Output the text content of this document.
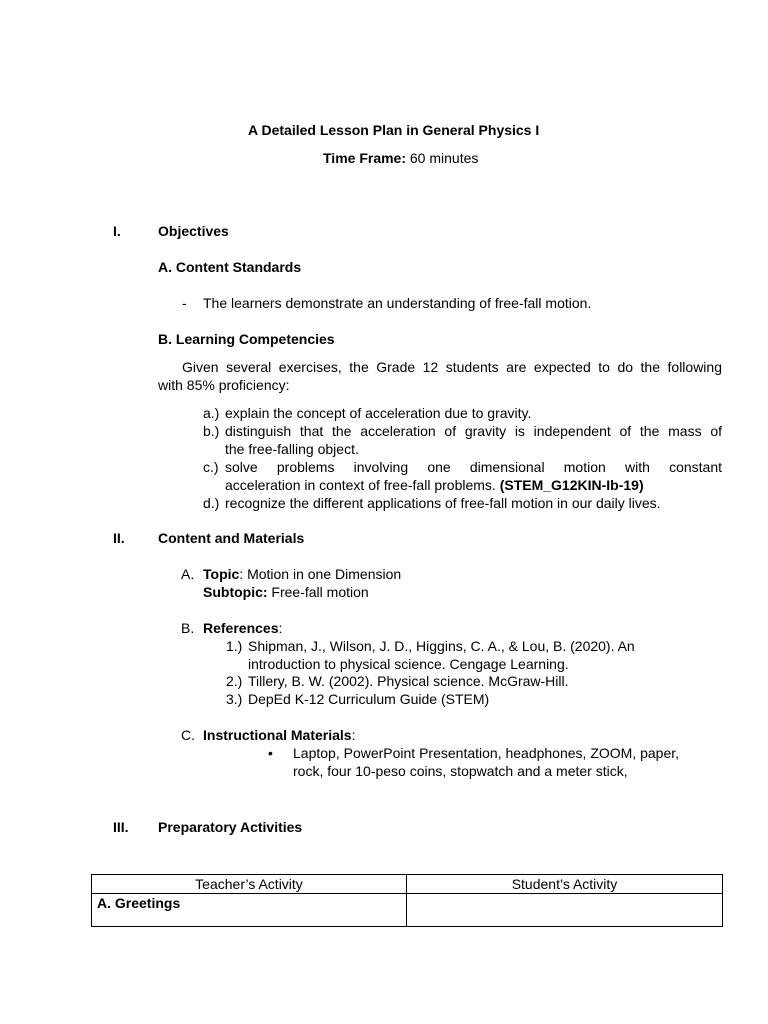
A Detailed Lesson Plan in General Physics I
Time Frame: 60 minutes
I.	Objectives
A. Content Standards
- The learners demonstrate an understanding of free-fall motion.
B. Learning Competencies
Given several exercises, the Grade 12 students are expected to do the following
with 85% proficiency:
a.) explain the concept of acceleration due to gravity.
b.) distinguish that the acceleration of gravity is independent of the mass of
the free-falling object.
c.) solve problems involving one dimensional motion with constant
acceleration in context of free-fall problems. (STEM_G12KIN-Ib-19)
d.) recognize the different applications of free-fall motion in our daily lives.
II. Content and Materials
A. Topic: Motion in one Dimension
Subtopic: Free-fall motion
B. References:
1.) Shipman, J., Wilson, J. D., Higgins, C. A., & Lou, B. (2020). An
introduction to physical science. Cengage Learning.
2.) Tillery, B. W. (2002). Physical science. McGraw-Hill.
3.) DepEd K-12 Curriculum Guide (STEM)
C. Instructional Materials:
• Laptop, PowerPoint Presentation, headphones, ZOOM, paper,
rock, four 10-peso coins, stopwatch and a meter stick,
III. Preparatory Activities
Teacher’s Activity	Student’s Activity
A. Greetings	
